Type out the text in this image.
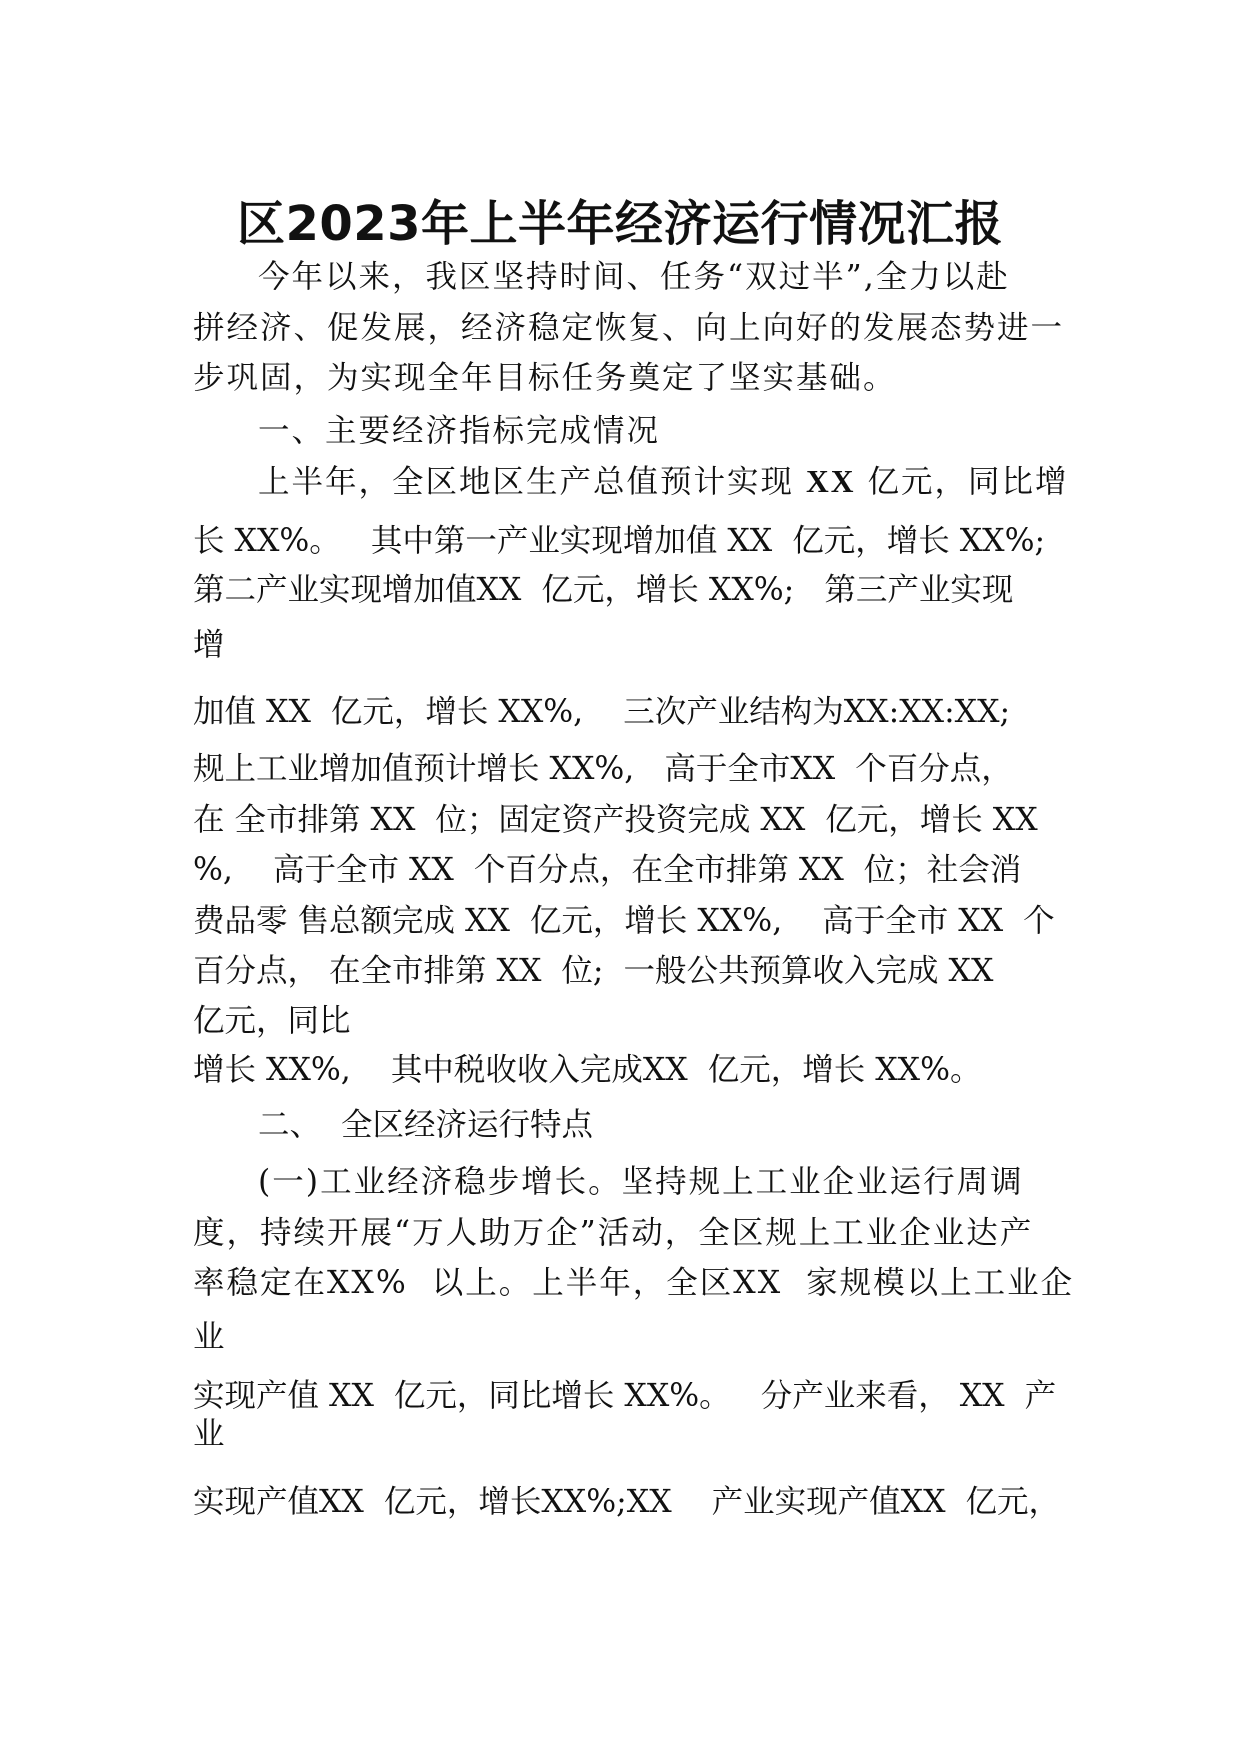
区2023年上半年经济运行情况汇报

今年以来，我区坚持时间、任务“双过半”,全力以赴

拼经济、促发展，经济稳定恢复、向上向好的发展态势进一

步巩固，为实现全年目标任务奠定了坚实基础。

一、主要经济指标完成情况

上半年，全区地区生产总值预计实现 XX 亿元，同比增

长 XX%。   其中第一产业实现增加值 XX  亿元，增长 XX%;

第二产业实现增加值XX  亿元，增长 XX%;   第三产业实现

增

加值 XX  亿元，增长 XX%,    三次产业结构为XX:XX:XX;

规上工业增加值预计增长 XX%,   高于全市XX  个百分点，

在 全市排第 XX  位；固定资产投资完成 XX  亿元，增长 XX

%,    高于全市 XX  个百分点，在全市排第 XX  位；社会消

费品零 售总额完成 XX  亿元，增长 XX%,    高于全市 XX  个

百分点， 在全市排第 XX  位;  一般公共预算收入完成 XX

亿元，同比

增长 XX%,    其中税收收入完成XX  亿元，增长 XX%。

二、  全区经济运行特点

(一)工业经济稳步增长。坚持规上工业企业运行周调

度，持续开展“万人助万企”活动，全区规上工业企业达产

率稳定在XX%  以上。上半年，全区XX  家规模以上工业企

业

实现产值 XX  亿元，同比增长 XX%。   分产业来看， XX  产

业

实现产值XX  亿元，增长XX%;XX    产业实现产值XX  亿元，
